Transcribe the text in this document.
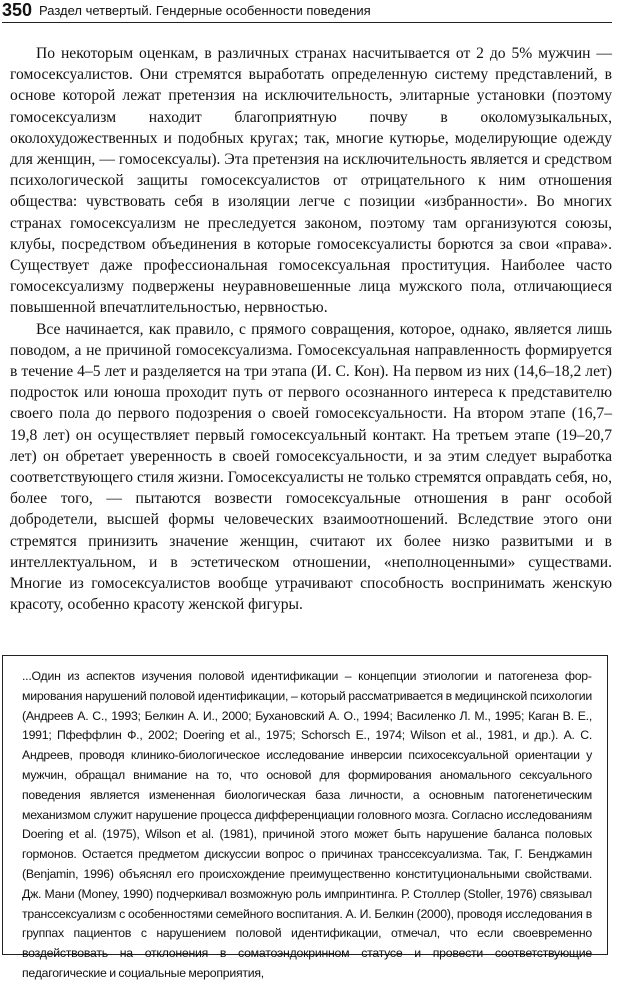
350 Раздел четвертый. Гендерные особенности поведения

По некоторым оценкам, в различных странах насчитывается от 2 до 5% мужчин — гомосексуалистов. Они стремятся выработать определенную систему представлений, в основе которой лежат претензия на исключительность, элитарные установки (поэтому гомосексуализм находит благоприятную почву в околомузыкальных, околохудожественных и подобных кругах; так, многие кутюрье, моделирующие одежду для женщин, — гомосексуалы). Эта претензия на исключительность является и средством психологической защиты гомосексуалистов от отрицательного к ним отношения общества: чувствовать себя в изоляции легче с позиции «избранности». Во многих странах гомосексуализм не преследуется законом, поэтому там организуются союзы, клубы, посредством объединения в которые гомосексуалисты борются за свои «права». Существует даже профессиональная гомосексуальная проституция. Наиболее часто гомосексуализму подвержены неуравновешенные лица мужского пола, отличающиеся повышенной впечатлительностью, нервностью.

Все начинается, как правило, с прямого совращения, которое, однако, является лишь поводом, а не причиной гомосексуализма. Гомосексуальная направленность формируется в течение 4–5 лет и разделяется на три этапа (И. С. Кон). На первом из них (14,6–18,2 лет) подросток или юноша проходит путь от первого осознанного интереса к представителю своего пола до первого подозрения о своей гомосексуальности. На втором этапе (16,7–19,8 лет) он осуществляет первый гомосексуальный контакт. На третьем этапе (19–20,7 лет) он обретает уверенность в своей гомосексуальности, и за этим следует выработка соответствующего стиля жизни. Гомосексуалисты не только стремятся оправдать себя, но, более того, — пытаются возвести гомосексуальные отношения в ранг особой добродетели, высшей формы человеческих взаимоотношений. Вследствие этого они стремятся принизить значение женщин, считают их более низко развитыми и в интеллектуальном, и в эстетическом отношении, «неполноценными» существами. Многие из гомосексуалистов вообще утрачивают способность воспринимать женскую красоту, особенно красоту женской фигуры.

...Один из аспектов изучения половой идентификации – концепции этиологии и патогенеза формирования нарушений половой идентификации, – который рассматривается в медицинской психологии (Андреев А. С., 1993; Белкин А. И., 2000; Бухановский А. О., 1994; Василенко Л. М., 1995; Каган В. Е., 1991; Пфеффлин Ф., 2002; Doering et al., 1975; Schorsch E., 1974; Wilson et al., 1981, и др.). А. С. Андреев, проводя клинико-биологическое исследование инверсии психосексуальной ориентации у мужчин, обращал внимание на то, что основой для формирования аномального сексуального поведения является измененная биологическая база личности, а основным патогенетическим механизмом служит нарушение процесса дифференциации головного мозга. Согласно исследованиям Doering et al. (1975), Wilson et al. (1981), причиной этого может быть нарушение баланса половых гормонов. Остается предметом дискуссии вопрос о причинах транссексуализма. Так, Г. Бенджамин (Benjamin, 1996) объяснял его происхождение преимущественно конституциональными свойствами. Дж. Мани (Money, 1990) подчеркивал возможную роль импринтинга. Р. Столлер (Stoller, 1976) связывал транссексуализм с особенностями семейного воспитания. А. И. Белкин (2000), проводя исследования в группах пациентов с нарушением половой идентификации, отмечал, что если своевременно воздействовать на отклонения в соматоэндокринном статусе и провести соответствующие педагогические и социальные мероприятия,
